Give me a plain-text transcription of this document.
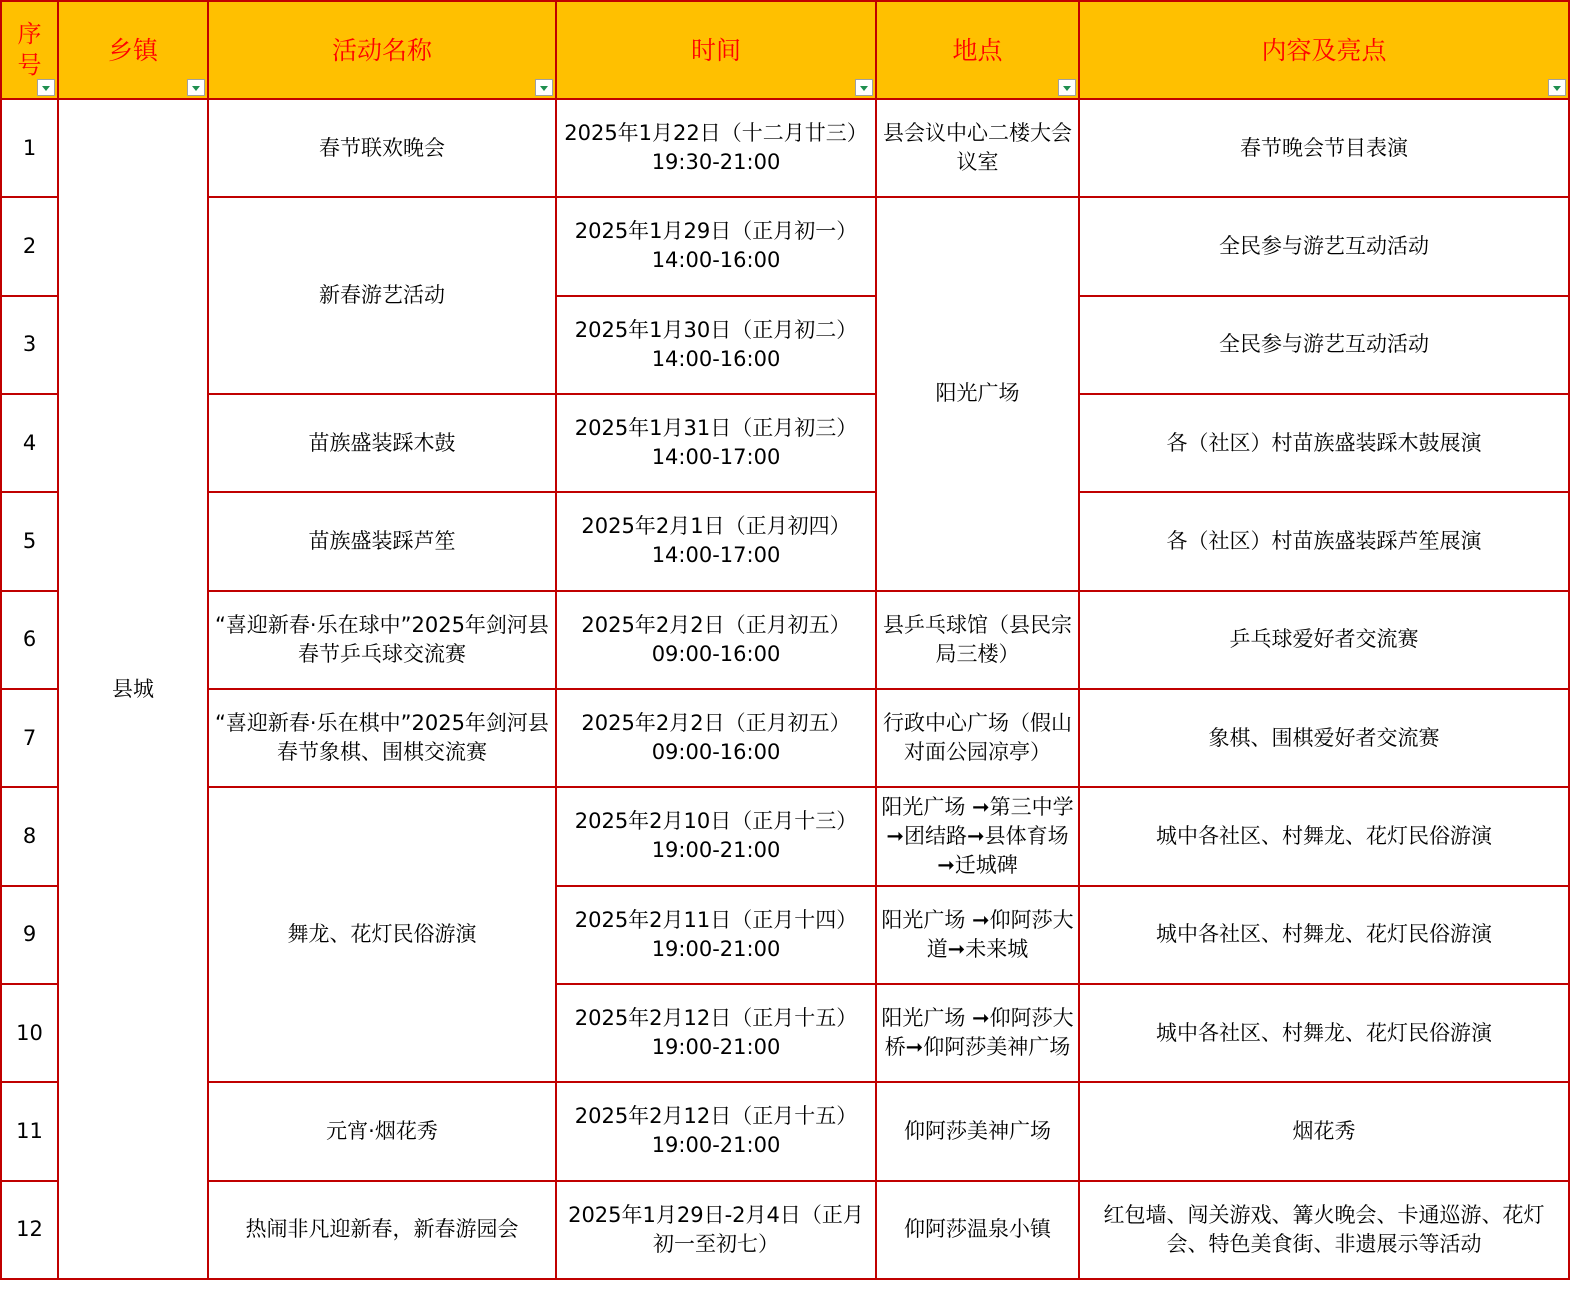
序号	乡镇	活动名称	时间	地点	内容及亮点

1	县城	春节联欢晚会	2025年1月22日（十二月廿三）19:30-21:00	县会议中心二楼大会议室	春节晚会节目表演
2		新春游艺活动	2025年1月29日（正月初一）14:00-16:00	阳光广场	全民参与游艺互动活动
3			2025年1月30日（正月初二）14:00-16:00		全民参与游艺互动活动
4		苗族盛装踩木鼓	2025年1月31日（正月初三）14:00-17:00		各（社区）村苗族盛装踩木鼓展演
5		苗族盛装踩芦笙	2025年2月1日（正月初四）14:00-17:00		各（社区）村苗族盛装踩芦笙展演
6		“喜迎新春·乐在球中”2025年剑河县春节乒乓球交流赛	2025年2月2日（正月初五）09:00-16:00	县乒乓球馆（县民宗局三楼）	乒乓球爱好者交流赛
7		“喜迎新春·乐在棋中”2025年剑河县春节象棋、围棋交流赛	2025年2月2日（正月初五）09:00-16:00	行政中心广场（假山对面公园凉亭）	象棋、围棋爱好者交流赛
8		舞龙、花灯民俗游演	2025年2月10日（正月十三）19:00-21:00	阳光广场 ➞第三中学➞团结路➞县体育场➞迁城碑	城中各社区、村舞龙、花灯民俗游演
9			2025年2月11日（正月十四）19:00-21:00	阳光广场 ➞仰阿莎大道➞未来城	城中各社区、村舞龙、花灯民俗游演
10			2025年2月12日（正月十五）19:00-21:00	阳光广场 ➞仰阿莎大桥➞仰阿莎美神广场	城中各社区、村舞龙、花灯民俗游演
11		元宵·烟花秀	2025年2月12日（正月十五）19:00-21:00	仰阿莎美神广场	烟花秀
12		热闹非凡迎新春，新春游园会	2025年1月29日-2月4日（正月初一至初七）	仰阿莎温泉小镇	红包墙、闯关游戏、篝火晚会、卡通巡游、花灯会、特色美食街、非遗展示等活动
